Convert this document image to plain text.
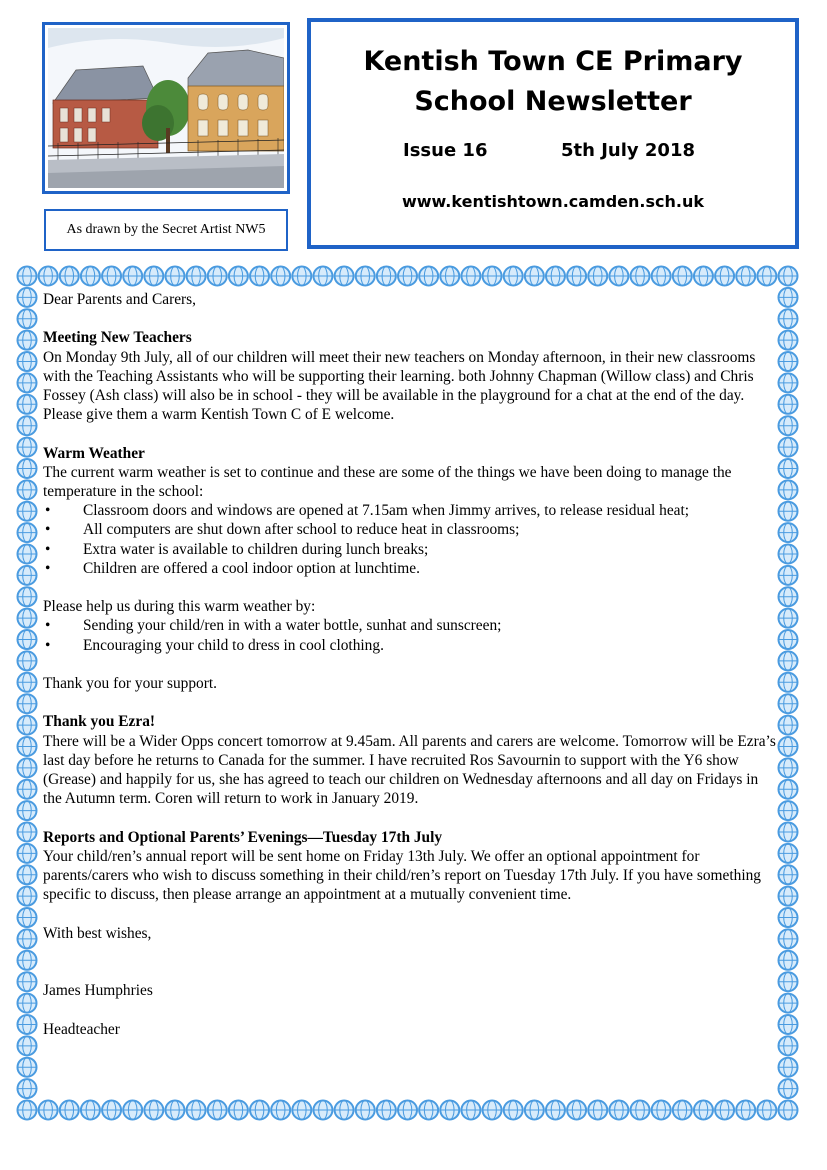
As drawn by the Secret Artist NW5
Kentish Town CE Primary
School Newsletter
Issue 16	5th July 2018
www.kentishtown.camden.sch.uk

Dear Parents and Carers,

Meeting New Teachers

On Monday 9th July, all of our children will meet their new teachers on Monday afternoon, in their new classrooms with the Teaching Assistants who will be supporting their learning. both Johnny Chapman (Willow class) and Chris Fossey (Ash class) will also be in school - they will be available in the playground for a chat at the end of the day. Please give them a warm Kentish Town C of E welcome.

Warm Weather

The current warm weather is set to continue and these are some of the things we have been doing to manage the temperature in the school:

• Classroom doors and windows are opened at 7.15am when Jimmy arrives, to release residual heat;

• All computers are shut down after school to reduce heat in classrooms;

• Extra water is available to children during lunch breaks;

• Children are offered a cool indoor option at lunchtime.

Please help us during this warm weather by:

• Sending your child/ren in with a water bottle, sunhat and sunscreen;

• Encouraging your child to dress in cool clothing.

Thank you for your support.

Thank you Ezra!

There will be a Wider Opps concert tomorrow at 9.45am. All parents and carers are welcome. Tomorrow will be Ezra’s last day before he returns to Canada for the summer. I have recruited Ros Savournin to support with the Y6 show (Grease) and happily for us, she has agreed to teach our children on Wednesday afternoons and all day on Fridays in the Autumn term. Coren will return to work in January 2019.

Reports and Optional Parents’ Evenings—Tuesday 17th July

Your child/ren’s annual report will be sent home on Friday 13th July. We offer an optional appointment for parents/carers who wish to discuss something in their child/ren’s report on Tuesday 17th July. If you have something specific to discuss, then please arrange an appointment at a mutually convenient time.

With best wishes,

James Humphries

Headteacher
